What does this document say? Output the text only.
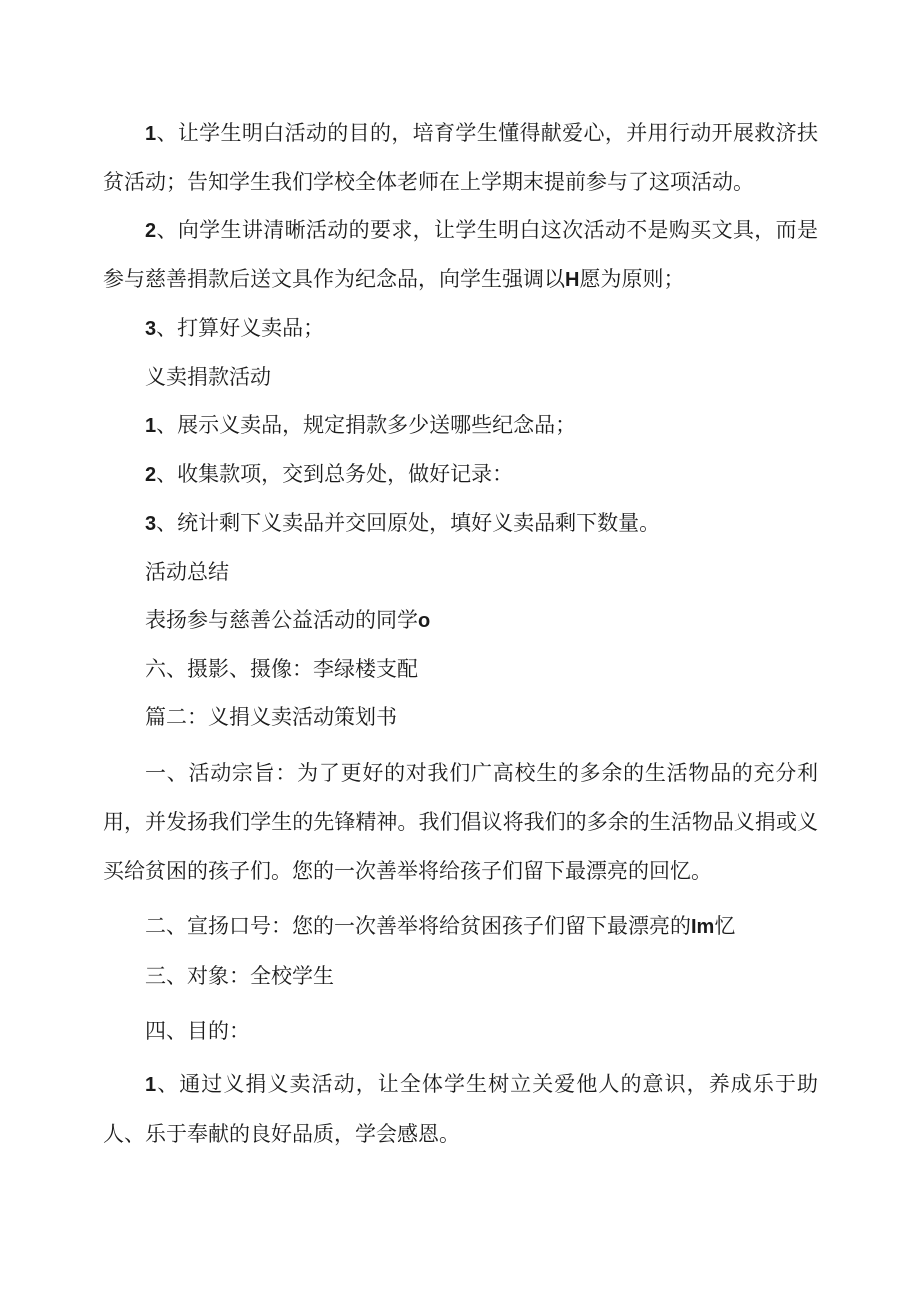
1、让学生明白活动的目的，培育学生懂得献爱心，并用行动开展救济扶贫活动；告知学生我们学校全体老师在上学期末提前参与了这项活动。

2、向学生讲清晰活动的要求，让学生明白这次活动不是购买文具，而是参与慈善捐款后送文具作为纪念品，向学生强调以H愿为原则；

3、打算好义卖品；

义卖捐款活动

1、展示义卖品，规定捐款多少送哪些纪念品；

2、收集款项，交到总务处，做好记录：

3、统计剩下义卖品并交回原处，填好义卖品剩下数量。

活动总结

表扬参与慈善公益活动的同学o

六、摄影、摄像：李绿楼支配

篇二：义捐义卖活动策划书

一、活动宗旨：为了更好的对我们广高校生的多余的生活物品的充分利用，并发扬我们学生的先锋精神。我们倡议将我们的多余的生活物品义捐或义买给贫困的孩子们。您的一次善举将给孩子们留下最漂亮的回忆。

二、宣扬口号：您的一次善举将给贫困孩子们留下最漂亮的Im忆

三、对象：全校学生

四、目的：

1、通过义捐义卖活动，让全体学生树立关爱他人的意识，养成乐于助人、乐于奉献的良好品质，学会感恩。
